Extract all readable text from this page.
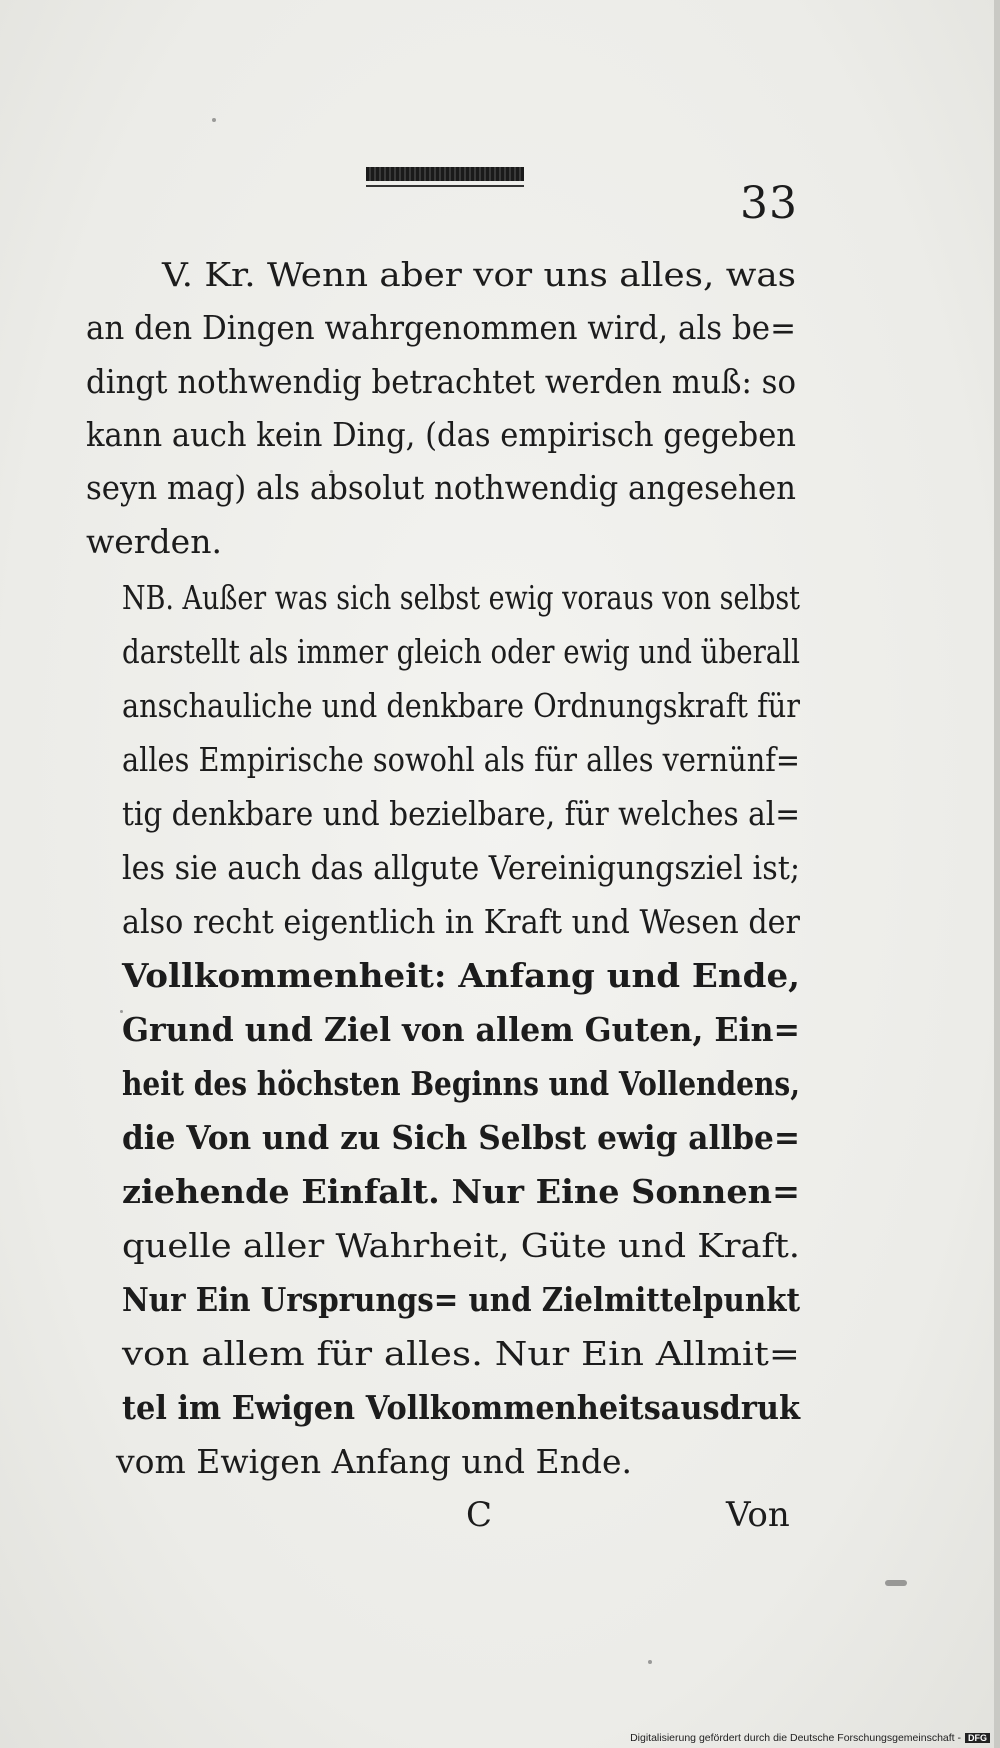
33

V. Kr. Wenn aber vor uns alles, was

an den Dingen wahrgenommen wird, als be=

dingt nothwendig betrachtet werden muß: so

kann auch kein Ding, (das empirisch gegeben

seyn mag) als absolut nothwendig angesehen

werden.

NB. Außer was sich selbst ewig voraus von selbst

darstellt als immer gleich oder ewig und überall

anschauliche und denkbare Ordnungskraft für

alles Empirische sowohl als für alles vernünf=

tig denkbare und bezielbare, für welches al=

les sie auch das allgute Vereinigungsziel ist;

also recht eigentlich in Kraft und Wesen der

Vollkommenheit: Anfang und Ende,

Grund und Ziel von allem Guten, Ein=

heit des höchsten Beginns und Vollendens,

die Von und zu Sich Selbst ewig allbe=

ziehende Einfalt. Nur Eine Sonnen=

quelle aller Wahrheit, Güte und Kraft.

Nur Ein Ursprungs= und Zielmittelpunkt

von allem für alles. Nur Ein Allmit=

tel im Ewigen Vollkommenheitsausdruk

vom Ewigen Anfang und Ende.

C	Von
Digitalisierung gefördert durch die Deutsche Forschungsgemeinschaft - DFG
